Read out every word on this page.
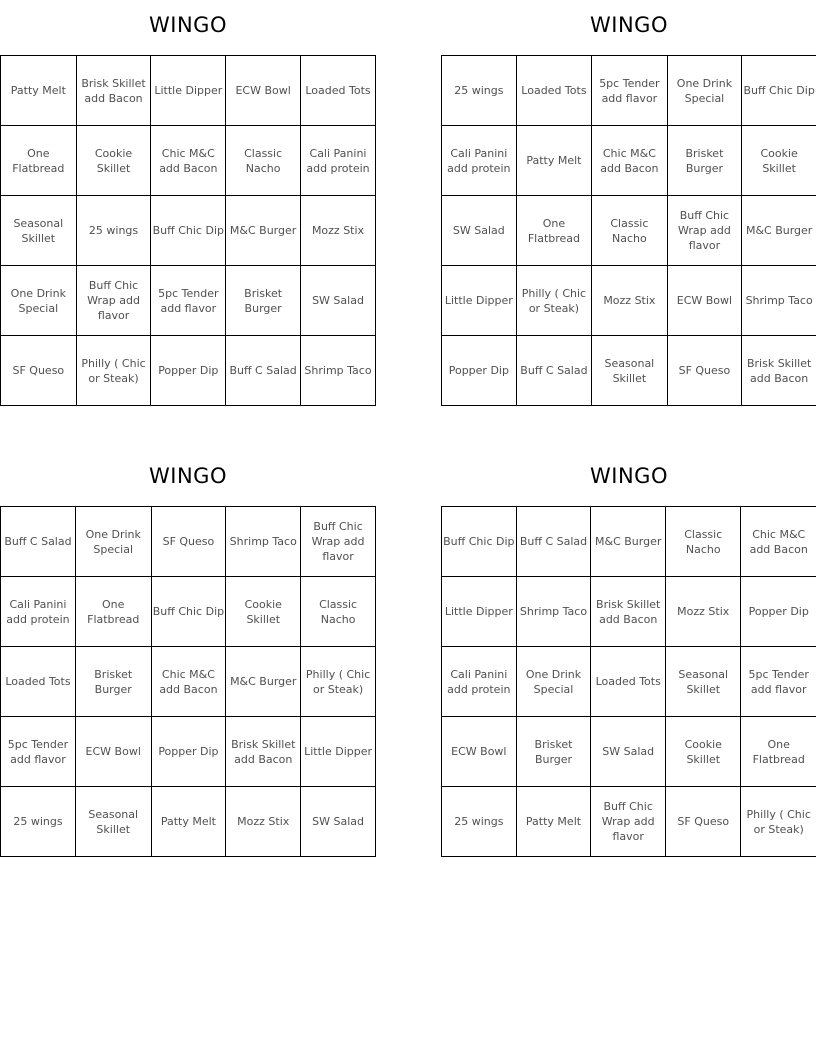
WINGO
Patty Melt	Brisk Skillet add Bacon	Little Dipper	ECW Bowl	Loaded Tots
One Flatbread	Cookie Skillet	Chic M&C add Bacon	Classic Nacho	Cali Panini add protein
Seasonal Skillet	25 wings	Buff Chic Dip	M&C Burger	Mozz Stix
One Drink Special	Buff Chic Wrap add flavor	5pc Tender add flavor	Brisket Burger	SW Salad
SF Queso	Philly ( Chic or Steak)	Popper Dip	Buff C Salad	Shrimp Taco
WINGO
25 wings	Loaded Tots	5pc Tender add flavor	One Drink Special	Buff Chic Dip
Cali Panini add protein	Patty Melt	Chic M&C add Bacon	Brisket Burger	Cookie Skillet
SW Salad	One Flatbread	Classic Nacho	Buff Chic Wrap add flavor	M&C Burger
Little Dipper	Philly ( Chic or Steak)	Mozz Stix	ECW Bowl	Shrimp Taco
Popper Dip	Buff C Salad	Seasonal Skillet	SF Queso	Brisk Skillet add Bacon
WINGO
Buff C Salad	One Drink Special	SF Queso	Shrimp Taco	Buff Chic Wrap add flavor
Cali Panini add protein	One Flatbread	Buff Chic Dip	Cookie Skillet	Classic Nacho
Loaded Tots	Brisket Burger	Chic M&C add Bacon	M&C Burger	Philly ( Chic or Steak)
5pc Tender add flavor	ECW Bowl	Popper Dip	Brisk Skillet add Bacon	Little Dipper
25 wings	Seasonal Skillet	Patty Melt	Mozz Stix	SW Salad
WINGO
Buff Chic Dip	Buff C Salad	M&C Burger	Classic Nacho	Chic M&C add Bacon
Little Dipper	Shrimp Taco	Brisk Skillet add Bacon	Mozz Stix	Popper Dip
Cali Panini add protein	One Drink Special	Loaded Tots	Seasonal Skillet	5pc Tender add flavor
ECW Bowl	Brisket Burger	SW Salad	Cookie Skillet	One Flatbread
25 wings	Patty Melt	Buff Chic Wrap add flavor	SF Queso	Philly ( Chic or Steak)
